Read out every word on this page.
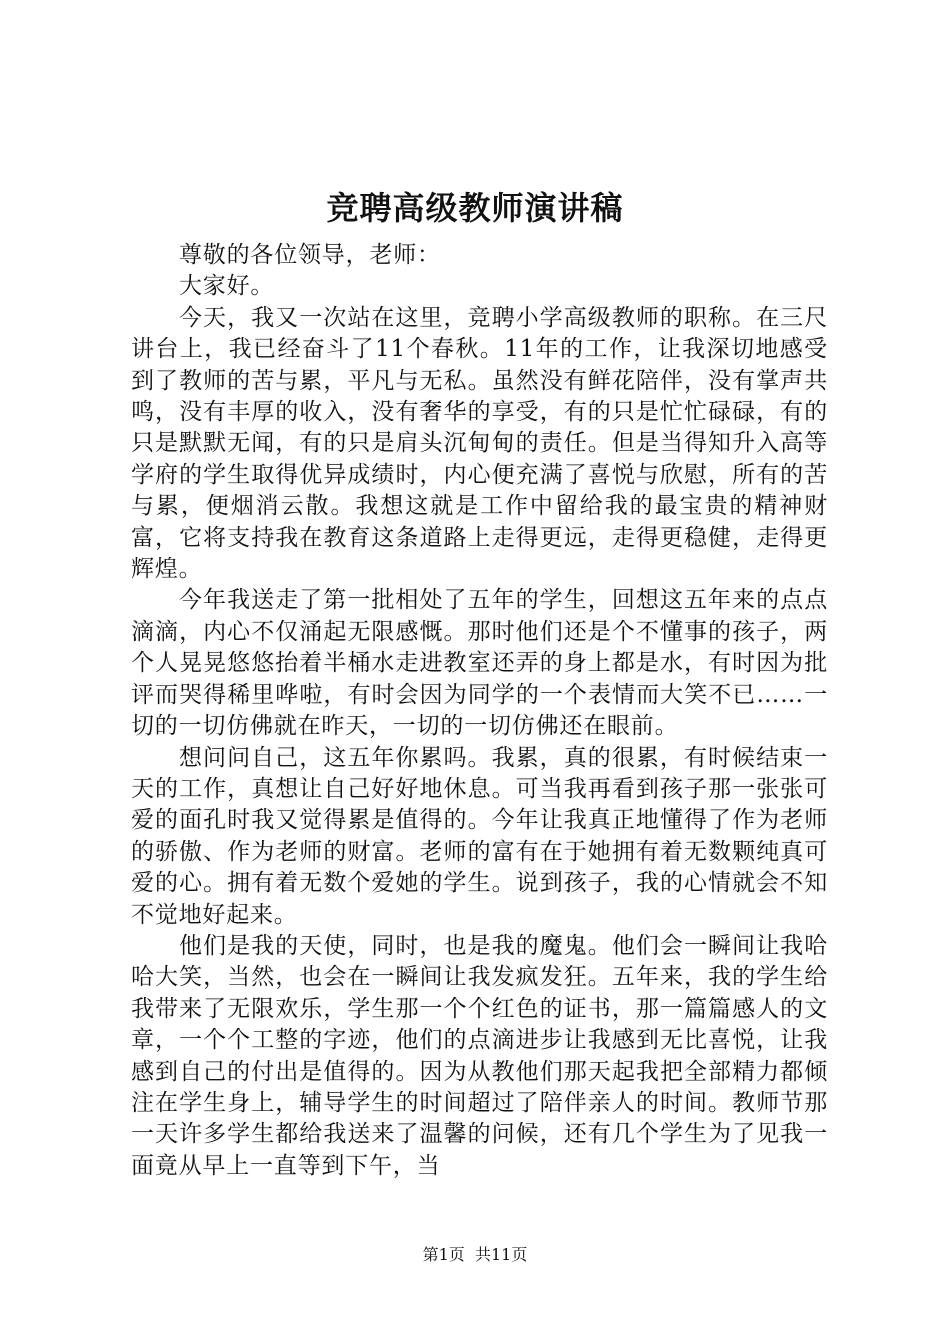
竞聘高级教师演讲稿

尊敬的各位领导，老师：

大家好。

今天，我又一次站在这里，竞聘小学高级教师的职称。在三尺讲台上，我已经奋斗了11个春秋。11年的工作，让我深切地感受到了教师的苦与累，平凡与无私。虽然没有鲜花陪伴，没有掌声共鸣，没有丰厚的收入，没有奢华的享受，有的只是忙忙碌碌，有的只是默默无闻，有的只是肩头沉甸甸的责任。但是当得知升入高等学府的学生取得优异成绩时，内心便充满了喜悦与欣慰，所有的苦与累，便烟消云散。我想这就是工作中留给我的最宝贵的精神财富，它将支持我在教育这条道路上走得更远，走得更稳健，走得更辉煌。

今年我送走了第一批相处了五年的学生，回想这五年来的点点滴滴，内心不仅涌起无限感慨。那时他们还是个不懂事的孩子，两个人晃晃悠悠抬着半桶水走进教室还弄的身上都是水，有时因为批评而哭得稀里哗啦，有时会因为同学的一个表情而大笑不已……一切的一切仿佛就在昨天，一切的一切仿佛还在眼前。

想问问自己，这五年你累吗。我累，真的很累，有时候结束一天的工作，真想让自己好好地休息。可当我再看到孩子那一张张可爱的面孔时我又觉得累是值得的。今年让我真正地懂得了作为老师的骄傲、作为老师的财富。老师的富有在于她拥有着无数颗纯真可爱的心。拥有着无数个爱她的学生。说到孩子，我的心情就会不知不觉地好起来。

他们是我的天使，同时，也是我的魔鬼。他们会一瞬间让我哈哈大笑，当然，也会在一瞬间让我发疯发狂。五年来，我的学生给我带来了无限欢乐，学生那一个个红色的证书，那一篇篇感人的文章，一个个工整的字迹，他们的点滴进步让我感到无比喜悦，让我感到自己的付出是值得的。因为从教他们那天起我把全部精力都倾注在学生身上，辅导学生的时间超过了陪伴亲人的时间。教师节那一天许多学生都给我送来了温馨的问候，还有几个学生为了见我一面竟从早上一直等到下午，当

第1页 共11页
